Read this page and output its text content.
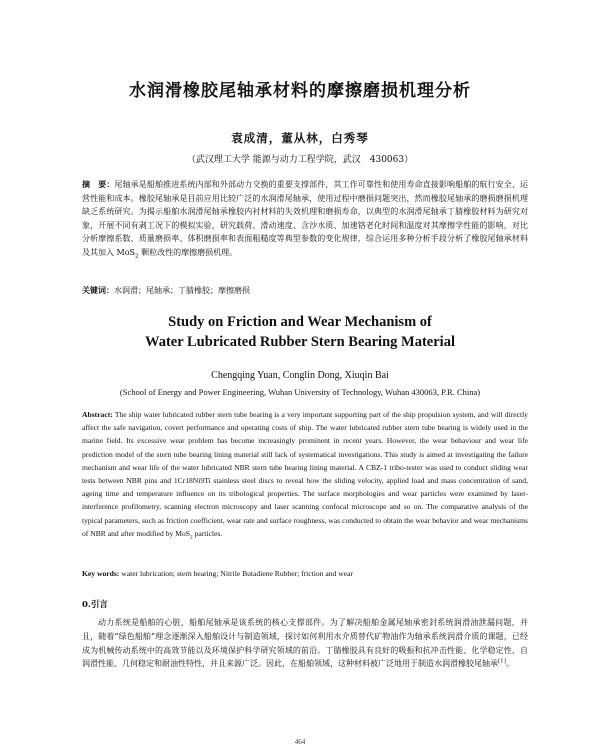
水润滑橡胶尾轴承材料的摩擦磨损机理分析
袁成清，董从林，白秀琴
（武汉理工大学 能源与动力工程学院，武汉　430063）

摘　要：尾轴承是船舶推进系统内部和外部动力交换的重要支撑部件，其工作可靠性和使用寿命直接影响船舶的航行安全、运营性能和成本。橡胶尾轴承是目前应用比较广泛的水润滑尾轴承，使用过程中磨损问题突出，然而橡胶尾轴承的磨损磨损机理缺乏系统研究。为揭示船舶水润滑尾轴承橡胶内衬材料的失效机理和磨损寿命，以典型的水润滑尾轴承丁腈橡胶材料为研究对象，开展不同有剥工况下的模拟实验，研究载荷、滑动速度、含沙水质、加速铬老化时间和温度对其摩擦学性能的影响，对比分析摩擦系数、质量磨损率、体积磨损率和表面粗糙度等典型参数的变化规律，综合运用多种分析手段分析了橡胶尾轴承材料及其加入 MoS$_2$ 颗粒改性的摩擦磨损机理。

关键词：水润滑；尾轴承；丁腈橡胶；摩擦磨损

Study on Friction and Wear Mechanism of
Water Lubricated Rubber Stern Bearing Material
Chengqing Yuan, Conglin Dong, Xiuqin Bai
(School of Energy and Power Engineering, Wuhan University of Technology, Wuhan 430063, P.R. China)

Abstract: The ship water lubricated rubber stern tube bearing is a very important supporting part of the ship propulsion system, and will directly affect the safe navigation, covert performance and operating costs of ship. The water lubricated rubber stern tube bearing is widely used in the marine field. Its excessive wear problem has become increasingly prominent in recent years. However, the wear behaviour and wear life prediction model of the stern tube bearing lining material still lack of systematical investigations. This study is aimed at investigating the failure mechanism and wear life of the water lubricated NBR stern tube bearing lining material. A CBZ-1 tribo-tester was used to conduct sliding wear tests between NBR pins and 1Cr18Ni9Ti stainless steel discs to reveal how the sliding velocity, applied load and mass concentration of sand, ageing time and temperature influence on its tribological properties. The surface morphologies and wear particles were examined by laser-interference profilometry, scanning electron microscopy and laser scanning confocal microscope and so on. The comparative analysis of the typical parameters, such as friction coefficient, wear rate and surface roughness, was conducted to obtain the wear behavior and wear mechanisms of NBR and after modified by MoS$_2$ particles.

Key words: water lubrication; stern bearing; Nitrile Butadiene Rubber; friction and wear

0.引言

动力系统是船舶的心脏，船舶尾轴承是该系统的核心支撑部件。为了解决船舶金属尾轴承密封系统润滑油泄漏问题，并且，随着“绿色船舶”理念逐渐深入船舶设计与制造领域，探讨如何利用水介质替代矿物油作为轴承系统润滑介质的课题，已经成为机械传动系统中的高效节能以及环境保护科学研究领域的前沿。丁腈橡胶具有良好的吸振和抗冲击性能、化学稳定性、自润滑性能、几何稳定和耐油性特性，并且来源广泛。因此，在船舶领域，这种材料被广泛地用于制造水润滑橡胶尾轴承[1]。

464
